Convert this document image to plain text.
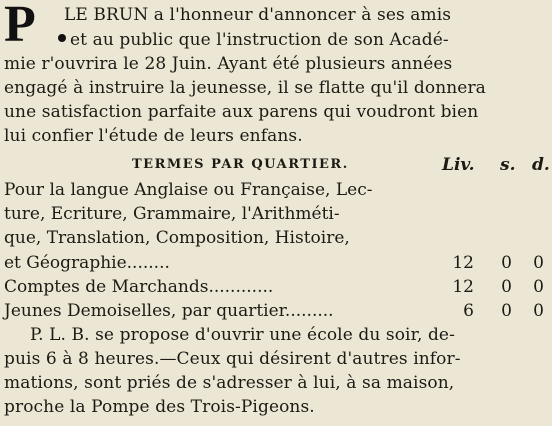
P LE BRUN a l'honneur d'annoncer à ses amis
et au public que l'instruction de son Acadé-
mie r'ouvrira le 28 Juin. Ayant été plusieurs années
engagé à instruire la jeunesse, il se flatte qu'il donnera
une satisfaction parfaite aux parens qui voudront bien
lui confier l'étude de leurs enfans.
TERMES PAR QUARTIER.	Liv. s. d.
Pour la langue Anglaise ou Française, Lec-
ture, Ecriture, Grammaire, l'Arithméti-
que, Translation, Composition, Histoire,
et Géographie........	12 0 0
Comptes de Marchands............	12 0 0
Jeunes Demoiselles, par quartier.........	6 0 0
P. L. B. se propose d'ouvrir une école du soir, de-
puis 6 à 8 heures.—Ceux qui désirent d'autres infor-
mations, sont priés de s'adresser à lui, à sa maison,
proche la Pompe des Trois-Pigeons.
